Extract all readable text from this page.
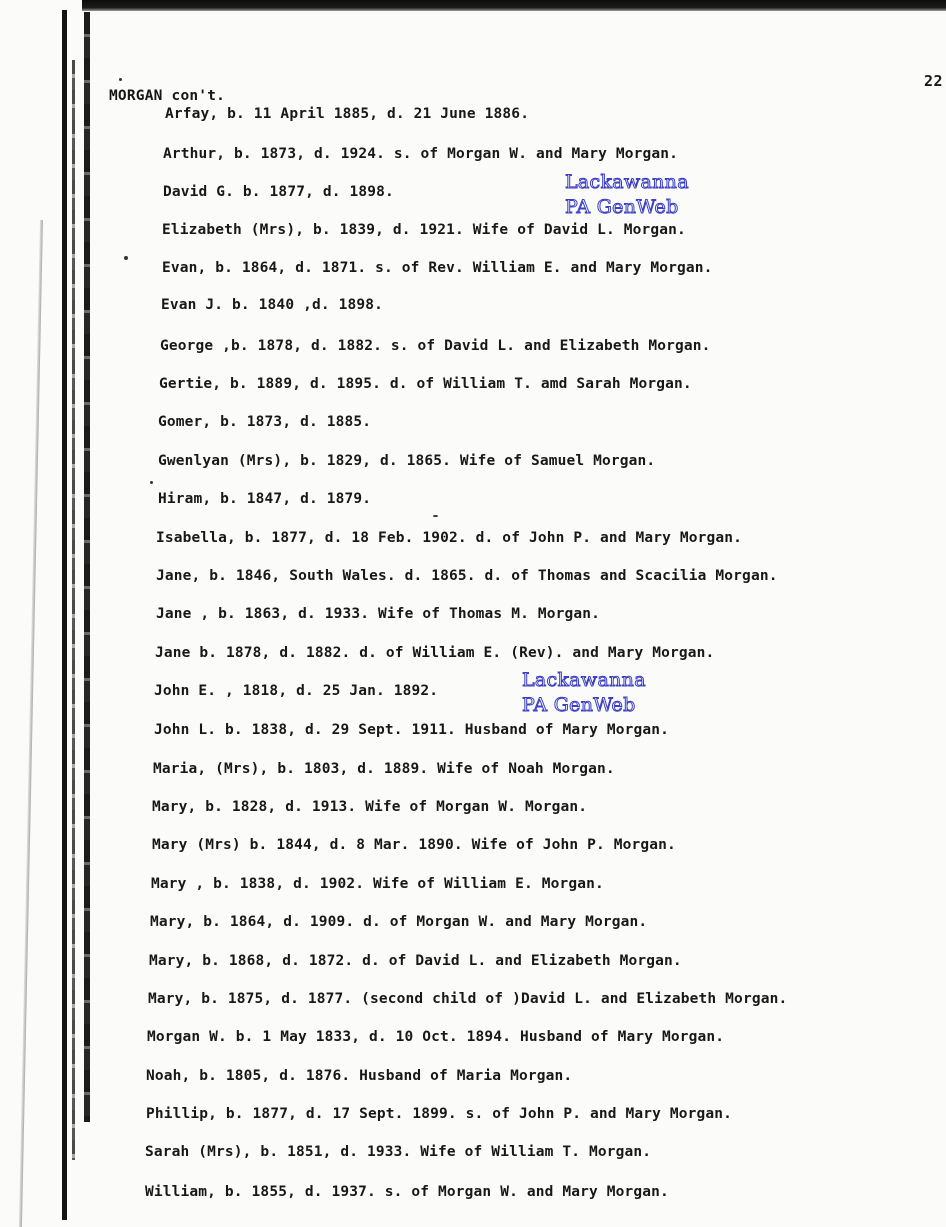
22
MORGAN con't.
Lackawanna
PA GenWeb
Lackawanna
PA GenWeb
Arfay, b. 11 April 1885, d. 21 June 1886.
Arthur, b. 1873, d. 1924. s. of Morgan W. and Mary Morgan.
David G. b. 1877, d. 1898.
Elizabeth (Mrs), b. 1839, d. 1921. Wife of David L. Morgan.
Evan, b. 1864, d. 1871. s. of Rev. William E. and Mary Morgan.
Evan J. b. 1840 ,d. 1898.
George ,b. 1878, d. 1882. s. of David L. and Elizabeth Morgan.
Gertie, b. 1889, d. 1895. d. of William T. amd Sarah Morgan.
Gomer, b. 1873, d. 1885.
Gwenlyan (Mrs), b. 1829, d. 1865. Wife of Samuel Morgan.
Hiram, b. 1847, d. 1879.
Isabella, b. 1877, d. 18 Feb. 1902. d. of John P. and Mary Morgan.
Jane, b. 1846, South Wales. d. 1865. d. of Thomas and Scacilia Morgan.
Jane , b. 1863, d. 1933. Wife of Thomas M. Morgan.
Jane b. 1878, d. 1882. d. of William E. (Rev). and Mary Morgan.
John E. , 1818, d. 25 Jan. 1892.
John L. b. 1838, d. 29 Sept. 1911. Husband of Mary Morgan.
Maria, (Mrs), b. 1803, d. 1889. Wife of Noah Morgan.
Mary, b. 1828, d. 1913. Wife of Morgan W. Morgan.
Mary (Mrs) b. 1844, d. 8 Mar. 1890. Wife of John P. Morgan.
Mary , b. 1838, d. 1902. Wife of William E. Morgan.
Mary, b. 1864, d. 1909. d. of Morgan W. and Mary Morgan.
Mary, b. 1868, d. 1872. d. of David L. and Elizabeth Morgan.
Mary, b. 1875, d. 1877. (second child of )David L. and Elizabeth Morgan.
Morgan W. b. 1 May 1833, d. 10 Oct. 1894. Husband of Mary Morgan.
Noah, b. 1805, d. 1876. Husband of Maria Morgan.
Phillip, b. 1877, d. 17 Sept. 1899. s. of John P. and Mary Morgan.
Sarah (Mrs), b. 1851, d. 1933. Wife of William T. Morgan.
William, b. 1855, d. 1937. s. of Morgan W. and Mary Morgan.
